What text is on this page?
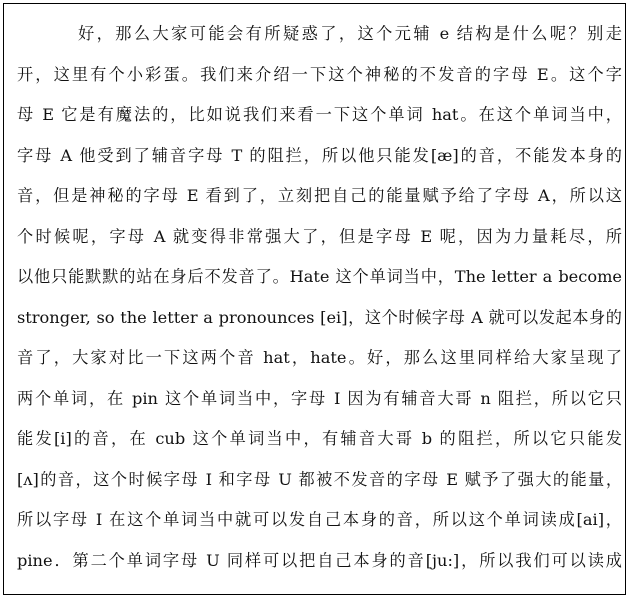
好，那么大家可能会有所疑惑了，这个元辅 e 结构是什么呢？别走
开，这里有个小彩蛋。我们来介绍一下这个神秘的不发音的字母 E。这个字
母 E 它是有魔法的，比如说我们来看一下这个单词 hat。在这个单词当中，
字母 A 他受到了辅音字母 T 的阻拦，所以他只能发[æ]的音，不能发本身的
音，但是神秘的字母 E 看到了，立刻把自己的能量赋予给了字母 A，所以这
个时候呢，字母 A 就变得非常强大了，但是字母 E 呢，因为力量耗尽，所
以他只能默默的站在身后不发音了。Hate 这个单词当中，The letter a become
stronger, so the letter a pronounces [ei]，这个时候字母 A 就可以发起本身的
音了，大家对比一下这两个音 hat，hate。好，那么这里同样给大家呈现了
两个单词，在 pin 这个单词当中，字母 I 因为有辅音大哥 n 阻拦，所以它只
能发[i]的音，在 cub 这个单词当中，有辅音大哥 b 的阻拦，所以它只能发
[ʌ]的音，这个时候字母 I 和字母 U 都被不发音的字母 E 赋予了强大的能量，
所以字母 I 在这个单词当中就可以发自己本身的音，所以这个单词读成[ai]，
pine．第二个单词字母 U 同样可以把自己本身的音[ju:]，所以我们可以读成
